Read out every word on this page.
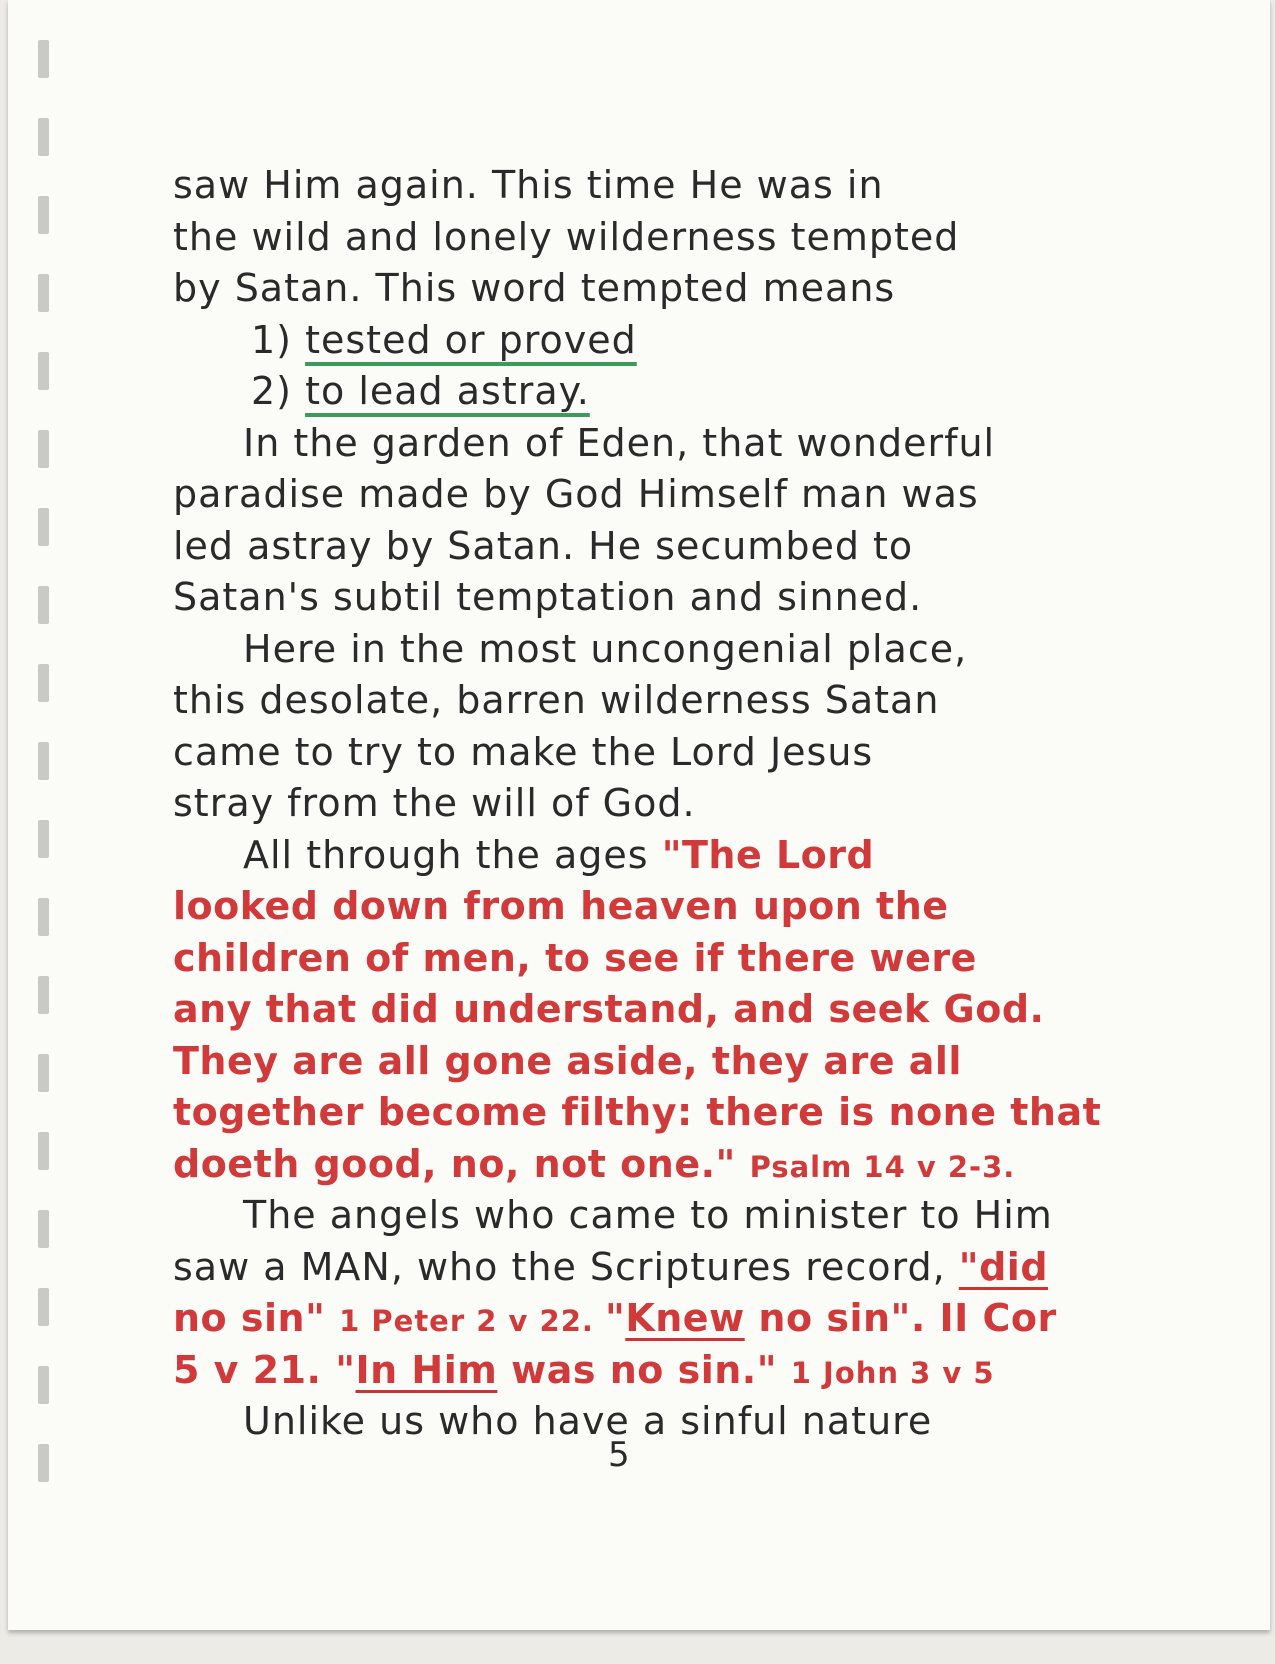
saw Him again. This time He was in
the wild and lonely wilderness tempted
by Satan. This word tempted means
1) tested or proved
2) to lead astray.
In the garden of Eden, that wonderful
paradise made by God Himself man was
led astray by Satan. He secumbed to
Satan's subtil temptation and sinned.
Here in the most uncongenial place,
this desolate, barren wilderness Satan
came to try to make the Lord Jesus
stray from the will of God.
All through the ages "The Lord
looked down from heaven upon the
children of men, to see if there were
any that did understand, and seek God.
They are all gone aside, they are all
together become filthy: there is none that
doeth good, no, not one." Psalm 14 v 2-3.
The angels who came to minister to Him
saw a MAN, who the Scriptures record, "did
no sin" 1 Peter 2 v 22. "Knew no sin". II Cor
5 v 21. "In Him was no sin." 1 John 3 v 5
Unlike us who have a sinful nature
5
